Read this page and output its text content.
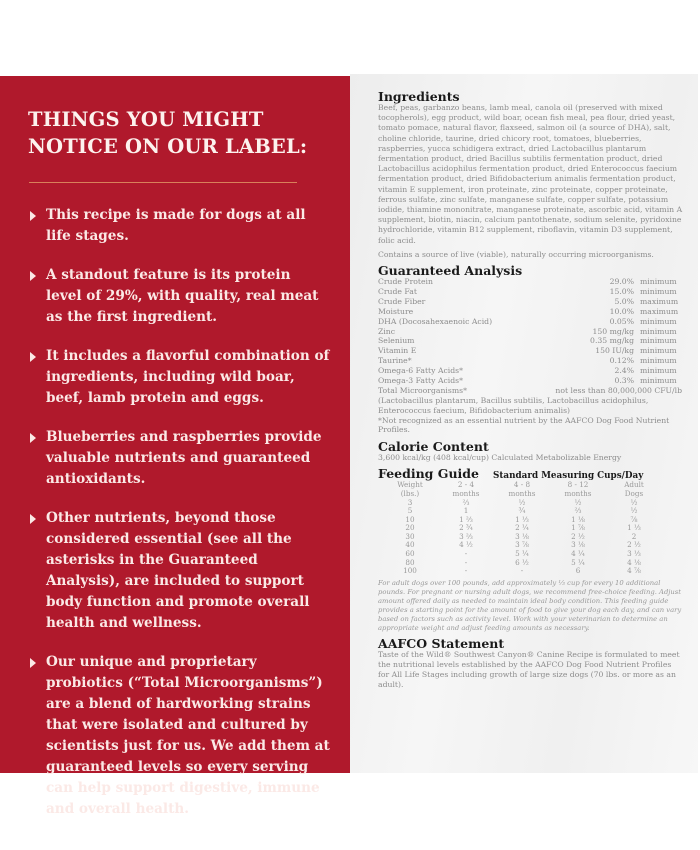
THINGS YOU MIGHT
NOTICE ON OUR LABEL:
This recipe is made for dogs at all life stages.
A standout feature is its protein level of 29%, with quality, real meat as the first ingredient.
It includes a flavorful combination of ingredients, including wild boar, beef, lamb protein and eggs.
Blueberries and raspberries provide valuable nutrients and guaranteed antioxidants.
Other nutrients, beyond those considered essential (see all the asterisks in the Guaranteed Analysis), are included to support body function and promote overall health and wellness.
Our unique and proprietary probiotics (“Total Microorganisms”) are a blend of hardworking strains that were isolated and cultured by scientists just for us. We add them at guaranteed levels so every serving can help support digestive, immune and overall health.
Ingredients

Beef, peas, garbanzo beans, lamb meal, canola oil (preserved with mixed tocopherols), egg product, wild boar, ocean fish meal, pea flour, dried yeast, tomato pomace, natural flavor, flaxseed, salmon oil (a source of DHA), salt, choline chloride, taurine, dried chicory root, tomatoes, blueberries, raspberries, yucca schidigera extract, dried Lactobacillus plantarum fermentation product, dried Bacillus subtilis fermentation product, dried Lactobacillus acidophilus fermentation product, dried Enterococcus faecium fermentation product, dried Bifidobacterium animalis fermentation product, vitamin E supplement, iron proteinate, zinc proteinate, copper proteinate, ferrous sulfate, zinc sulfate, manganese sulfate, copper sulfate, potassium iodide, thiamine mononitrate, manganese proteinate, ascorbic acid, vitamin A supplement, biotin, niacin, calcium pantothenate, sodium selenite, pyridoxine hydrochloride, vitamin B12 supplement, riboflavin, vitamin D3 supplement, folic acid.

Contains a source of live (viable), naturally occurring microorganisms.

Guaranteed Analysis
Crude Protein	29.0% minimum
Crude Fat	15.0% minimum
Crude Fiber	5.0% maximum
Moisture	10.0% maximum
DHA (Docosahexaenoic Acid)	0.05% minimum
Zinc	150 mg/kg minimum
Selenium	0.35 mg/kg minimum
Vitamin E	150 IU/kg minimum
Taurine*	0.12% minimum
Omega-6 Fatty Acids*	2.4% minimum
Omega-3 Fatty Acids*	0.3% minimum
Total Microorganisms*	not less than 80,000,000 CFU/lb

(Lactobacillus plantarum, Bacillus subtilis, Lactobacillus acidophilus, Enterococcus faecium, Bifidobacterium animalis)

*Not recognized as an essential nutrient by the AAFCO Dog Food Nutrient Profiles.

Calorie Content

3,600 kcal/kg (408 kcal/cup) Calculated Metabolizable Energy

Feeding Guide Standard Measuring Cups/Day
Weight	2 - 4	4 - 8	8 - 12	Adult
(lbs.)	months	months	months	Dogs
3	⅔	½	½	½
5	1	¾	⅔	½
10	1 ⅔	1 ⅓	1 ⅛	⅞
20	2 ¾	2 ¼	1 ⅞	1 ⅓
30	3 ⅔	3 ⅛	2 ½	2
40	4 ½	3 ⅞	3 ⅛	2 ½
60	-	5 ¼	4 ¼	3 ⅓
80	-	6 ½	5 ¼	4 ⅛
100	-	-	6	4 ⅞

For adult dogs over 100 pounds, add approximately ⅓ cup for every 10 additional pounds. For pregnant or nursing adult dogs, we recommend free-choice feeding. Adjust amount offered daily as needed to maintain ideal body condition. This feeding guide provides a starting point for the amount of food to give your dog each day, and can vary based on factors such as activity level. Work with your veterinarian to determine an appropriate weight and adjust feeding amounts as necessary.

AAFCO Statement

Taste of the Wild® Southwest Canyon® Canine Recipe is formulated to meet the nutritional levels established by the AAFCO Dog Food Nutrient Profiles for All Life Stages including growth of large size dogs (70 lbs. or more as an adult).
